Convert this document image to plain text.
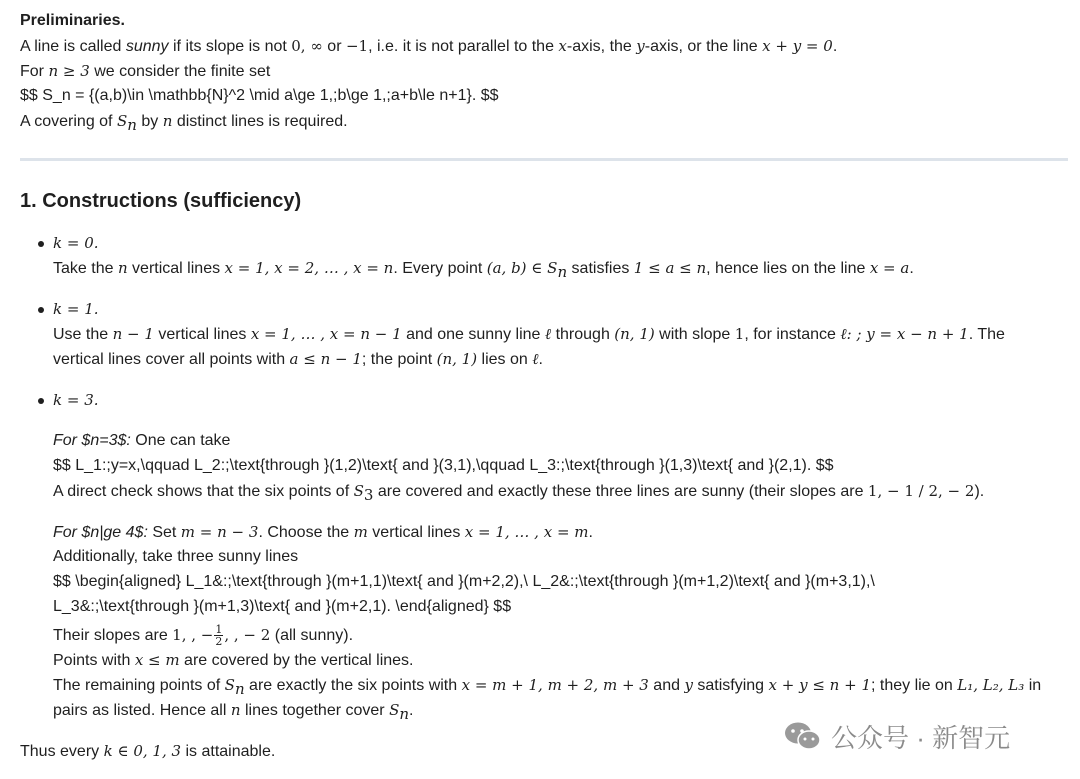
Preliminaries.
A line is called sunny if its slope is not 0, ∞ or −1, i.e. it is not parallel to the x-axis, the y-axis, or the line x + y = 0.
For n ≥ 3 we consider the finite set
$$ S_n = {(a,b)\in \mathbb{N}^2 \mid a\ge 1,;b\ge 1,;a+b\le n+1}. $$
A covering of $S_n$ by n distinct lines is required.
1. Constructions (sufficiency)
k = 0.
Take the n vertical lines x = 1, x = 2, … , x = n. Every point (a, b) ∈ $S_n$ satisfies 1 ≤ a ≤ n, hence lies on the line x = a.
k = 1.
Use the n − 1 vertical lines x = 1, … , x = n − 1 and one sunny line ℓ through (n, 1) with slope 1, for instance ℓ: ; y = x − n + 1. The
vertical lines cover all points with a ≤ n − 1; the point (n, 1) lies on ℓ.
k = 3.
For $n=3$: One can take
$$ L_1:;y=x,\qquad L_2:;\text{through }(1,2)\text{ and }(3,1),\qquad L_3:;\text{through }(1,3)\text{ and }(2,1). $$
A direct check shows that the six points of $S_3$ are covered and exactly these three lines are sunny (their slopes are 1, − 1 / 2, − 2).
For $n|ge 4$: Set m = n − 3. Choose the m vertical lines x = 1, … , x = m.
Additionally, take three sunny lines
$$ \begin{aligned} L_1&:;\text{through }(m+1,1)\text{ and }(m+2,2),\ L_2&:;\text{through }(m+1,2)\text{ and }(m+3,1),\
L_3&:;\text{through }(m+1,3)\text{ and }(m+2,1). \end{aligned} $$
Their slopes are 1, , − $\frac{1}{2}$ , , − 2 (all sunny).
Points with x ≤ m are covered by the vertical lines.
The remaining points of $S_n$ are exactly the six points with x = m + 1, m + 2, m + 3 and y satisfying x + y ≤ n + 1; they lie on L₁, L₂, L₃ in
pairs as listed. Hence all n lines together cover $S_n$.
Thus every k ∈ 0, 1, 3 is attainable.	公众号 · 新智元
